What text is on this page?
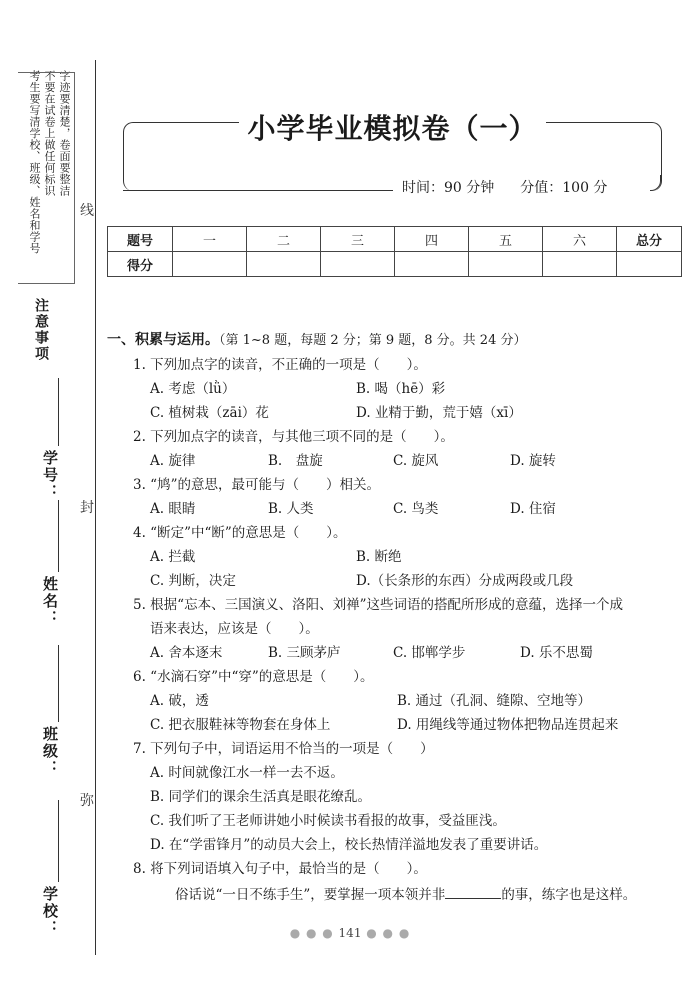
考生要写清学校、班级、姓名和学号 不要在试卷上做任何标识 字迹要清楚，卷面要整洁
注意事项
线
封
弥
学号：
姓名：
班级：
学校：
小学毕业模拟卷（一）
时间：90 分钟 分值：100 分
题号	一	二	三	四	五	六	总分
得分							
一、积累与运用。（第 1~8 题，每题 2 分；第 9 题，8 分。共 24 分）
1. 下列加点字的读音，不正确的一项是（　　）。
A. 考虑（lǜ）	B. 喝（hē）彩
C. 植树栽（zāi）花	D. 业精于勤，荒于嬉（xī）
2. 下列加点字的读音，与其他三项不同的是（　　）。
A. 旋律	B.　盘旋	C. 旋风	D. 旋转
3. “鸠”的意思，最可能与（　　）相关。
A. 眼睛	B. 人类	C. 鸟类	D. 住宿
4. “断定”中“断”的意思是（　　）。
A. 拦截	B. 断绝
C. 判断，决定	D.（长条形的东西）分成两段或几段
5. 根据“忘本、三国演义、洛阳、刘禅”这些词语的搭配所形成的意蕴，选择一个成
语来表达，应该是（　　）。
A. 舍本逐末	B. 三顾茅庐	C. 邯郸学步	D. 乐不思蜀
6. “水滴石穿”中“穿”的意思是（　　）。
A. 破，透	B. 通过（孔洞、缝隙、空地等）
C. 把衣服鞋袜等物套在身体上	D. 用绳线等通过物体把物品连贯起来
7. 下列句子中，词语运用不恰当的一项是（　　）
A. 时间就像江水一样一去不返。
B. 同学们的课余生活真是眼花缭乱。
C. 我们听了王老师讲她小时候读书看报的故事，受益匪浅。
D. 在“学雷锋月”的动员大会上，校长热情洋溢地发表了重要讲话。
8. 将下列词语填入句子中，最恰当的是（　　）。
俗话说“一日不练手生”，要掌握一项本领并非	的事，练字也是这样。
● ● ● 141 ● ● ●
